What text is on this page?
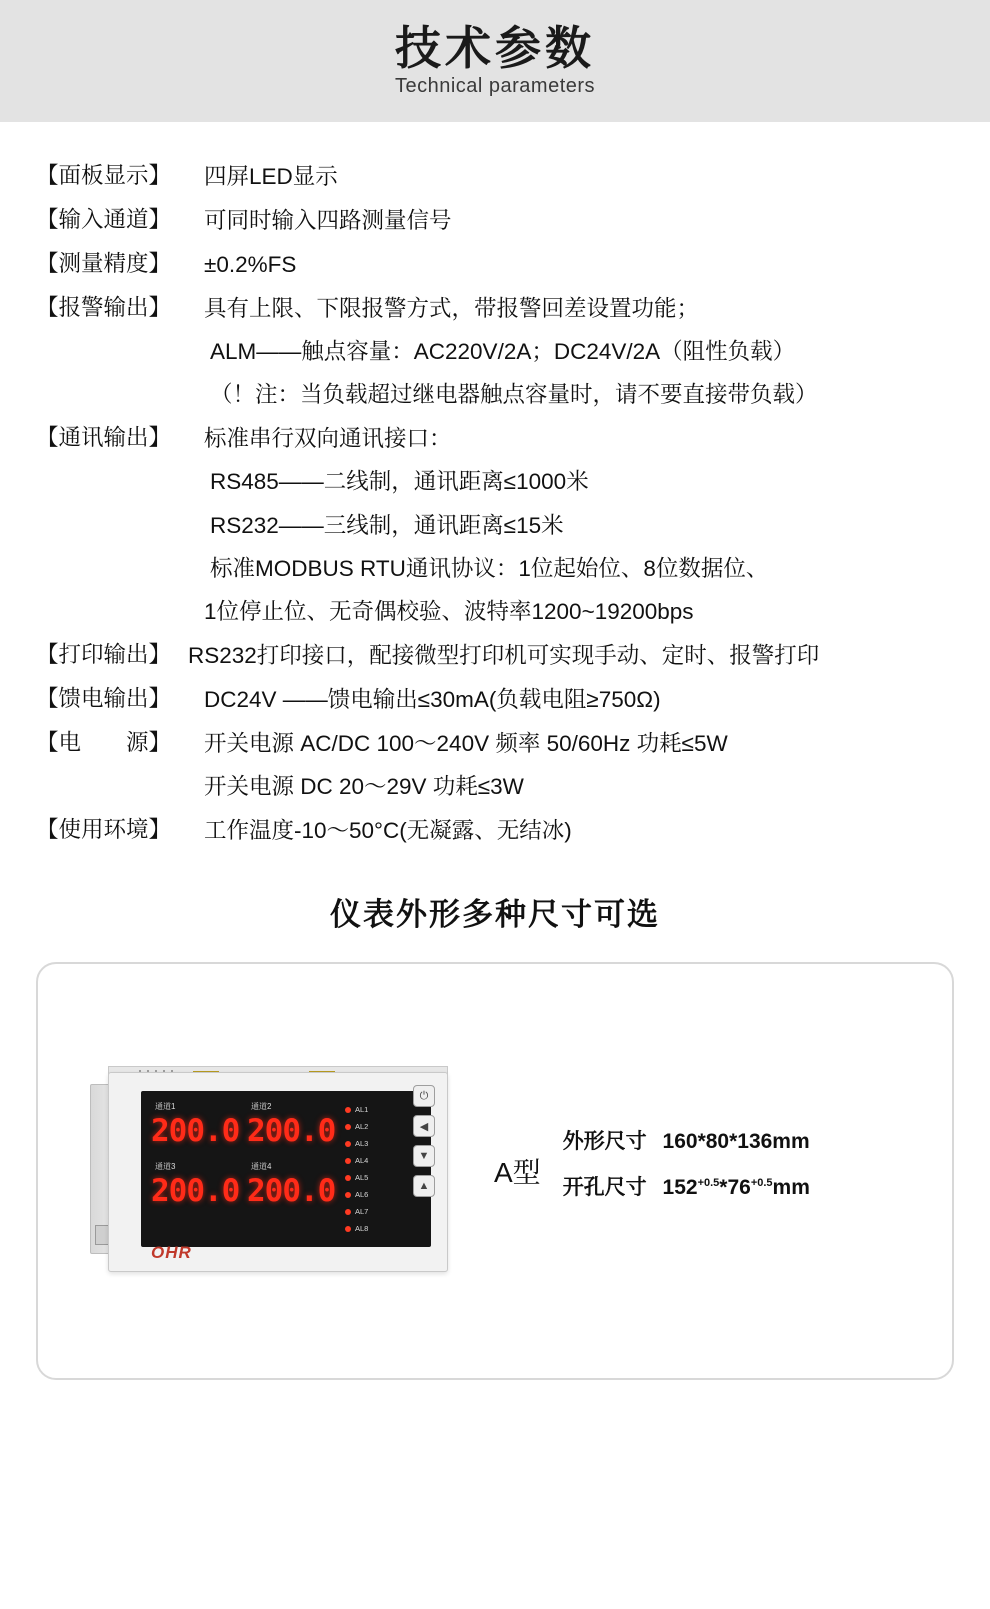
技术参数
Technical parameters
【面板显示】	四屏LED显示
【输入通道】	可同时输入四路测量信号
【测量精度】	±0.2%FS
【报警输出】	具有上限、下限报警方式，带报警回差设置功能；
ALM——触点容量：AC220V/2A；DC24V/2A（阻性负载）
（！注：当负载超过继电器触点容量时，请不要直接带负载）
【通讯输出】	标准串行双向通讯接口：
RS485——二线制，通讯距离≤1000米
RS232——三线制，通讯距离≤15米
标准MODBUS RTU通讯协议：1位起始位、8位数据位、
1位停止位、无奇偶校验、波特率1200~19200bps
【打印输出】 RS232打印接口，配接微型打印机可实现手动、定时、报警打印
【馈电输出】	DC24V ——馈电输出≤30mA(负载电阻≥750Ω)
【电　　源】	开关电源 AC/DC 100～240V 频率 50/60Hz 功耗≤5W
开关电源 DC 20～29V 功耗≤3W
【使用环境】	工作温度-10～50°C(无凝露、无结冰)
仪表外形多种尺寸可选
通道1	通道2
200.0 200.0
通道3	通道4
200.0 200.0
AL1
AL2
AL3
AL4
AL5
AL6
AL7
AL8
⏻
◀
▼
▲
OHR
A型
外形尺寸 160*80*136mm
开孔尺寸 $152^{+0.5}*76^{+0.5}mm$
